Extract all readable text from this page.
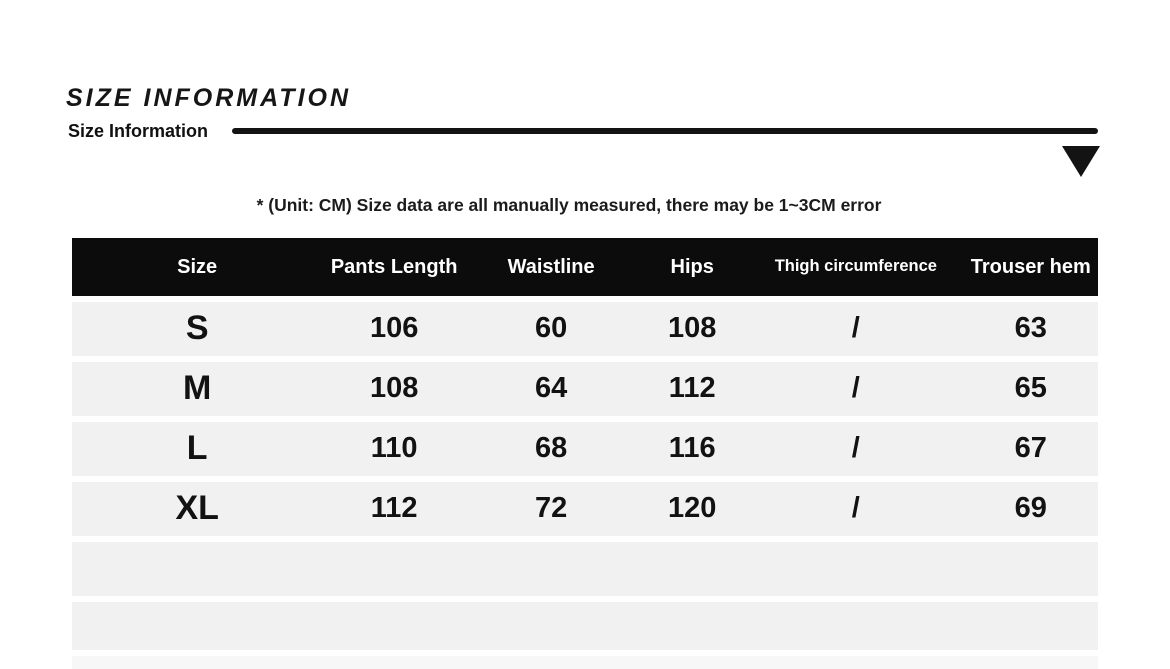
SIZE INFORMATION
Size Information
* (Unit: CM) Size data are all manually measured, there may be 1~3CM error
Size	Pants Length	Waistline	Hips	Thigh circumference	Trouser hem
S	106	60	108	/	63
M	108	64	112	/	65
L	110	68	116	/	67
XL	112	72	120	/	69
